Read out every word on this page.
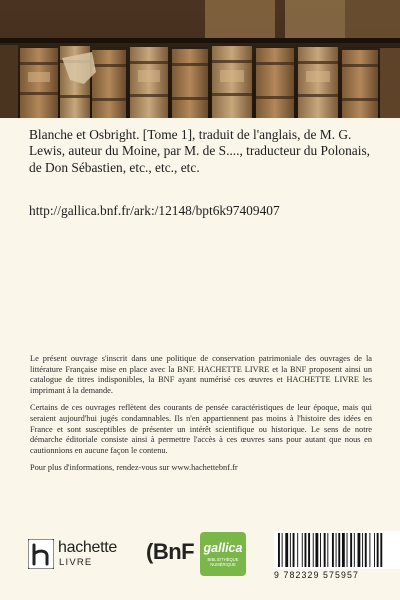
Blanche et Osbright. [Tome 1], traduit de l'anglais, de M. G. Lewis, auteur du Moine, par M. de S...., traducteur du Polonais, de Don Sébastien, etc., etc., etc.
http://gallica.bnf.fr/ark:/12148/bpt6k97409407

Le présent ouvrage s'inscrit dans une politique de conservation patrimoniale des ouvrages de la littérature Française mise en place avec la BNF. HACHETTE LIVRE et la BNF proposent ainsi un catalogue de titres indisponibles, la BNF ayant numérisé ces œuvres et HACHETTE LIVRE les imprimant à la demande.

Certains de ces ouvrages reflètent des courants de pensée caractéristiques de leur époque, mais qui seraient aujourd'hui jugés condamnables. Ils n'en appartiennent pas moins à l'histoire des idées en France et sont susceptibles de présenter un intérêt scientifique ou historique. Le sens de notre démarche éditoriale consiste ainsi à permettre l'accès à ces œuvres sans pour autant que nous en cautionnions en aucune façon le contenu.

Pour plus d'informations, rendez-vous sur www.hachettebnf.fr

hachette
LIVRE (BnF gallica
BIBLIOTHÈQUE NUMÉRIQUE
9 782329 575957
